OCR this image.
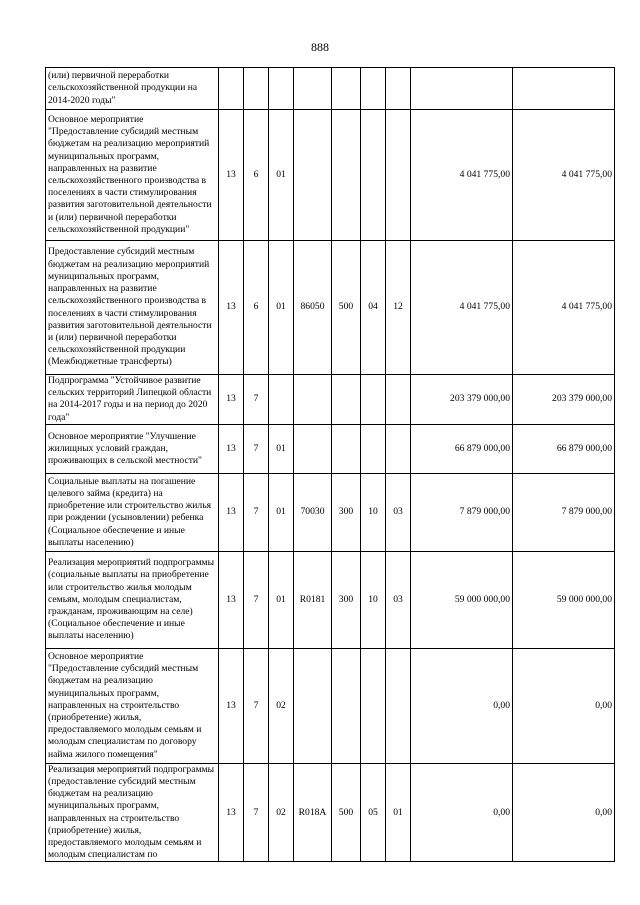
888
(или) первичной переработки сельскохозяйственной продукции на 2014-2020 годы"									
Основное мероприятие "Предоставление субсидий местным бюджетам на реализацию мероприятий муниципальных программ, направленных на развитие сельскохозяйственного производства в поселениях в части стимулирования развития заготовительной деятельности и (или) первичной переработки сельскохозяйственной продукции"	13	6	01					4 041 775,00	4 041 775,00
Предоставление субсидий местным бюджетам на реализацию мероприятий муниципальных программ, направленных на развитие сельскохозяйственного производства в поселениях в части стимулирования развития заготовительной деятельности и (или) первичной переработки сельскохозяйственной продукции (Межбюджетные трансферты)	13	6	01	86050	500	04	12	4 041 775,00	4 041 775,00
Подпрограмма "Устойчивое развитие сельских территорий Липецкой области на 2014-2017 годы и на период до 2020 года"	13	7						203 379 000,00	203 379 000,00
Основное мероприятие "Улучшение жилищных условий граждан, проживающих в сельской местности"	13	7	01					66 879 000,00	66 879 000,00
Социальные выплаты на погашение целевого займа (кредита) на приобретение или строительство жилья при рождении (усыновлении) ребенка (Социальное обеспечение и иные выплаты населению)	13	7	01	70030	300	10	03	7 879 000,00	7 879 000,00
Реализация мероприятий подпрограммы (социальные выплаты на приобретение или строительство жилья молодым семьям, молодым специалистам, гражданам, проживающим на селе) (Социальное обеспечение и иные выплаты населению)	13	7	01	R0181	300	10	03	59 000 000,00	59 000 000,00
Основное мероприятие "Предоставление субсидий местным бюджетам на реализацию муниципальных программ, направленных на строительство (приобретение) жилья, предоставляемого молодым семьям и молодым специалистам по договору найма жилого помещения"	13	7	02					0,00	0,00
Реализация мероприятий подпрограммы (предоставление субсидий местным бюджетам на реализацию муниципальных программ, направленных на строительство (приобретение) жилья, предоставляемого молодым семьям и молодым специалистам по	13	7	02	R018A	500	05	01	0,00	0,00
